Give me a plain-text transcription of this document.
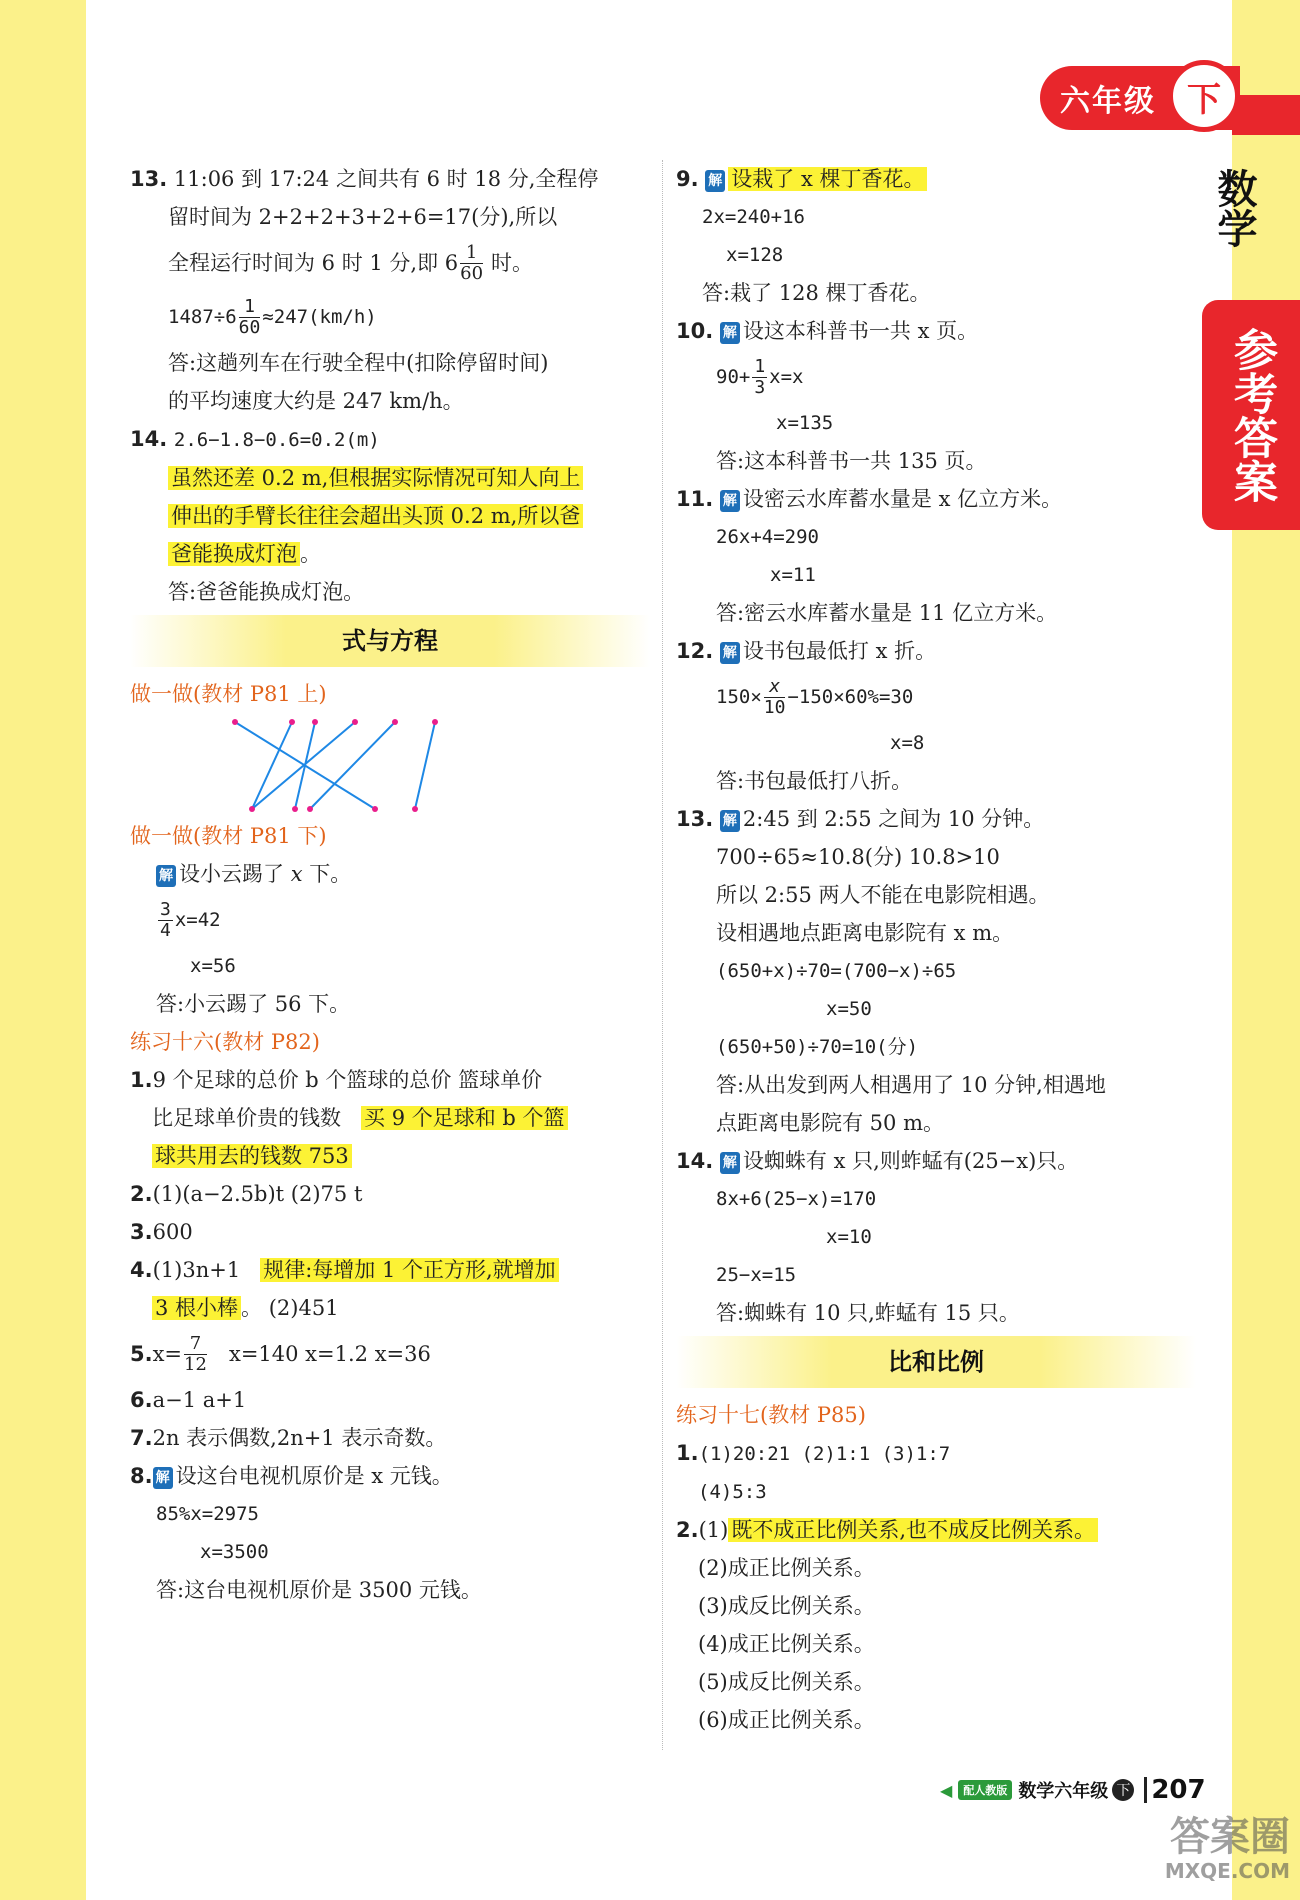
六年级 下
数学
参考答案
13. 11:06 到 17:24 之间共有 6 时 18 分,全程停
留时间为 2+2+2+3+2+6=17(分),所以
全程运行时间为 6 时 1 分,即 $6 \frac{1}{60}$ 时。
$1487\div 6 \frac{1}{60} \approx 247(km/h)$
答:这趟列车在行驶全程中(扣除停留时间)
的平均速度大约是 247 km/h。
14. 2.6−1.8−0.6=0.2(m)
虽然还差 0.2 m,但根据实际情况可知人向上
伸出的手臂长往往会超出头顶 0.2 m,所以爸
爸能换成灯泡 。
答:爸爸能换成灯泡。
式与方程
做一做(教材 P81 上)
做一做(教材 P81 下)
解 设小云踢了 x 下。
$\frac{3}{4} x=42$
x=56
答:小云踢了 56 下。
练习十六(教材 P82)
1.9 个足球的总价 b 个篮球的总价 篮球单价
比足球单价贵的钱数 买 9 个足球和 b 个篮
球共用去的钱数 753
2.(1)(a−2.5b)t (2)75 t
3.600
4.(1)3n+1 规律:每增加 1 个正方形,就增加
3 根小棒 。 (2)451
5. $x= \frac{7}{12}$
x=140 x=1.2 x=36
6.a−1 a+1
7.2n 表示偶数,2n+1 表示奇数。
8. 解 设这台电视机原价是 x 元钱。
85%x=2975
x=3500
答:这台电视机原价是 3500 元钱。
9. 解 设栽了 x 棵丁香花。
2x=240+16
x=128
答:栽了 128 棵丁香花。
10. 解 设这本科普书一共 x 页。
$90+ \frac{1}{3} x=x$
x=135
答:这本科普书一共 135 页。
11. 解 设密云水库蓄水量是 x 亿立方米。
26x+4=290
x=11
答:密云水库蓄水量是 11 亿立方米。
12. 解 设书包最低打 x 折。
$150\times \frac{x}{10} -150\times 60\%=30$
x=8
答:书包最低打八折。
13. 解 2:45 到 2:55 之间为 10 分钟。
700÷65≈10.8(分) 10.8>10
所以 2:55 两人不能在电影院相遇。
设相遇地点距离电影院有 x m。
(650+x)÷70=(700−x)÷65
x=50
(650+50)÷70=10(分)
答:从出发到两人相遇用了 10 分钟,相遇地
点距离电影院有 50 m。
14. 解 设蜘蛛有 x 只,则蚱蜢有(25−x)只。
8x+6(25−x)=170
x=10
25−x=15
答:蜘蛛有 10 只,蚱蜢有 15 只。
比和比例
练习十七(教材 P85)
1.(1)20:21 (2)1:1 (3)1:7
(4)5:3
2.(1) 既不成正比例关系,也不成反比例关系。
(2)成正比例关系。
(3)成反比例关系。
(4)成正比例关系。
(5)成反比例关系。
(6)成正比例关系。
◀	配人教版 数学六年级 下 207
答案圈
MXQE.COM
